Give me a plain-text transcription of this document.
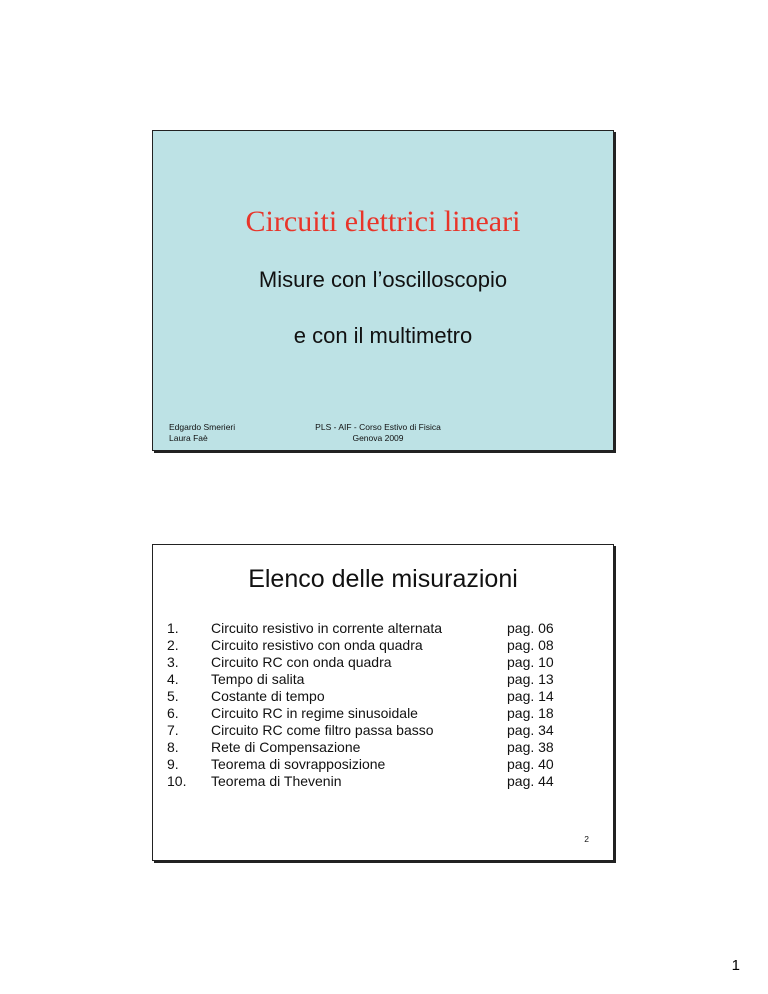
Circuiti elettrici lineari
Misure con l’oscilloscopio
e con il multimetro
Edgardo Smerieri
Laura Faè
PLS - AIF - Corso Estivo di Fisica
Genova 2009
Elenco delle misurazioni
1.	Circuito resistivo in corrente alternata	pag. 06
2.	Circuito resistivo con onda quadra	pag. 08
3.	Circuito RC con onda quadra	pag. 10
4.	Tempo di salita	pag. 13
5.	Costante di tempo	pag. 14
6.	Circuito RC in regime sinusoidale	pag. 18
7.	Circuito RC come filtro passa basso	pag. 34
8.	Rete di Compensazione	pag. 38
9.	Teorema di sovrapposizione	pag. 40
10.	Teorema di Thevenin	pag. 44
2
1
